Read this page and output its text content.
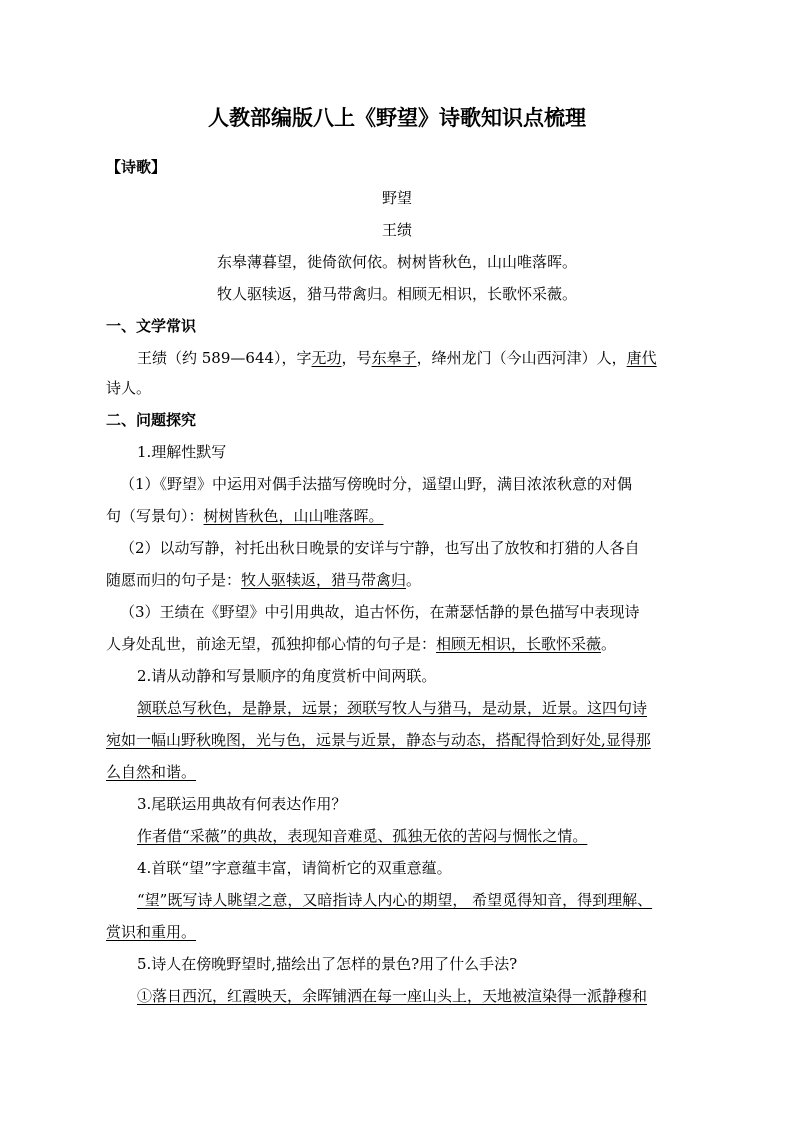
人教部编版八上《野望》诗歌知识点梳理
【诗歌】
野望
王绩
东皋薄暮望，徙倚欲何依。树树皆秋色，山山唯落晖。
牧人驱犊返，猎马带禽归。相顾无相识，长歌怀采薇。
一、文学常识
王绩（约 589—644），字无功，号东皋子，绛州龙门（今山西河津）人，唐代
诗人。
二、问题探究
1.理解性默写
（1）《野望》中运用对偶手法描写傍晚时分，遥望山野，满目浓浓秋意的对偶
句（写景句）：树树皆秋色，山山唯落晖。
（2）以动写静，衬托出秋日晚景的安详与宁静，也写出了放牧和打猎的人各自
随愿而归的句子是：牧人驱犊返，猎马带禽归。
（3）王绩在《野望》中引用典故，追古怀伤，在萧瑟恬静的景色描写中表现诗
人身处乱世，前途无望，孤独抑郁心情的句子是：相顾无相识，长歌怀采薇。
2.请从动静和写景顺序的角度赏析中间两联。
颔联总写秋色，是静景，远景；颈联写牧人与猎马，是动景，近景。这四句诗
宛如一幅山野秋晚图，光与色，远景与近景，静态与动态，搭配得恰到好处,显得那
么自然和谐。
3.尾联运用典故有何表达作用？
作者借“采薇”的典故，表现知音难觅、孤独无依的苦闷与惆怅之情。
4.首联“望”字意蕴丰富，请简析它的双重意蕴。
“望”既写诗人眺望之意，又暗指诗人内心的期望， 希望觅得知音，得到理解、
赏识和重用。
5.诗人在傍晚野望时,描绘出了怎样的景色?用了什么手法?
①落日西沉，红霞映天，余晖铺洒在每一座山头上，天地被渲染得一派静穆和
